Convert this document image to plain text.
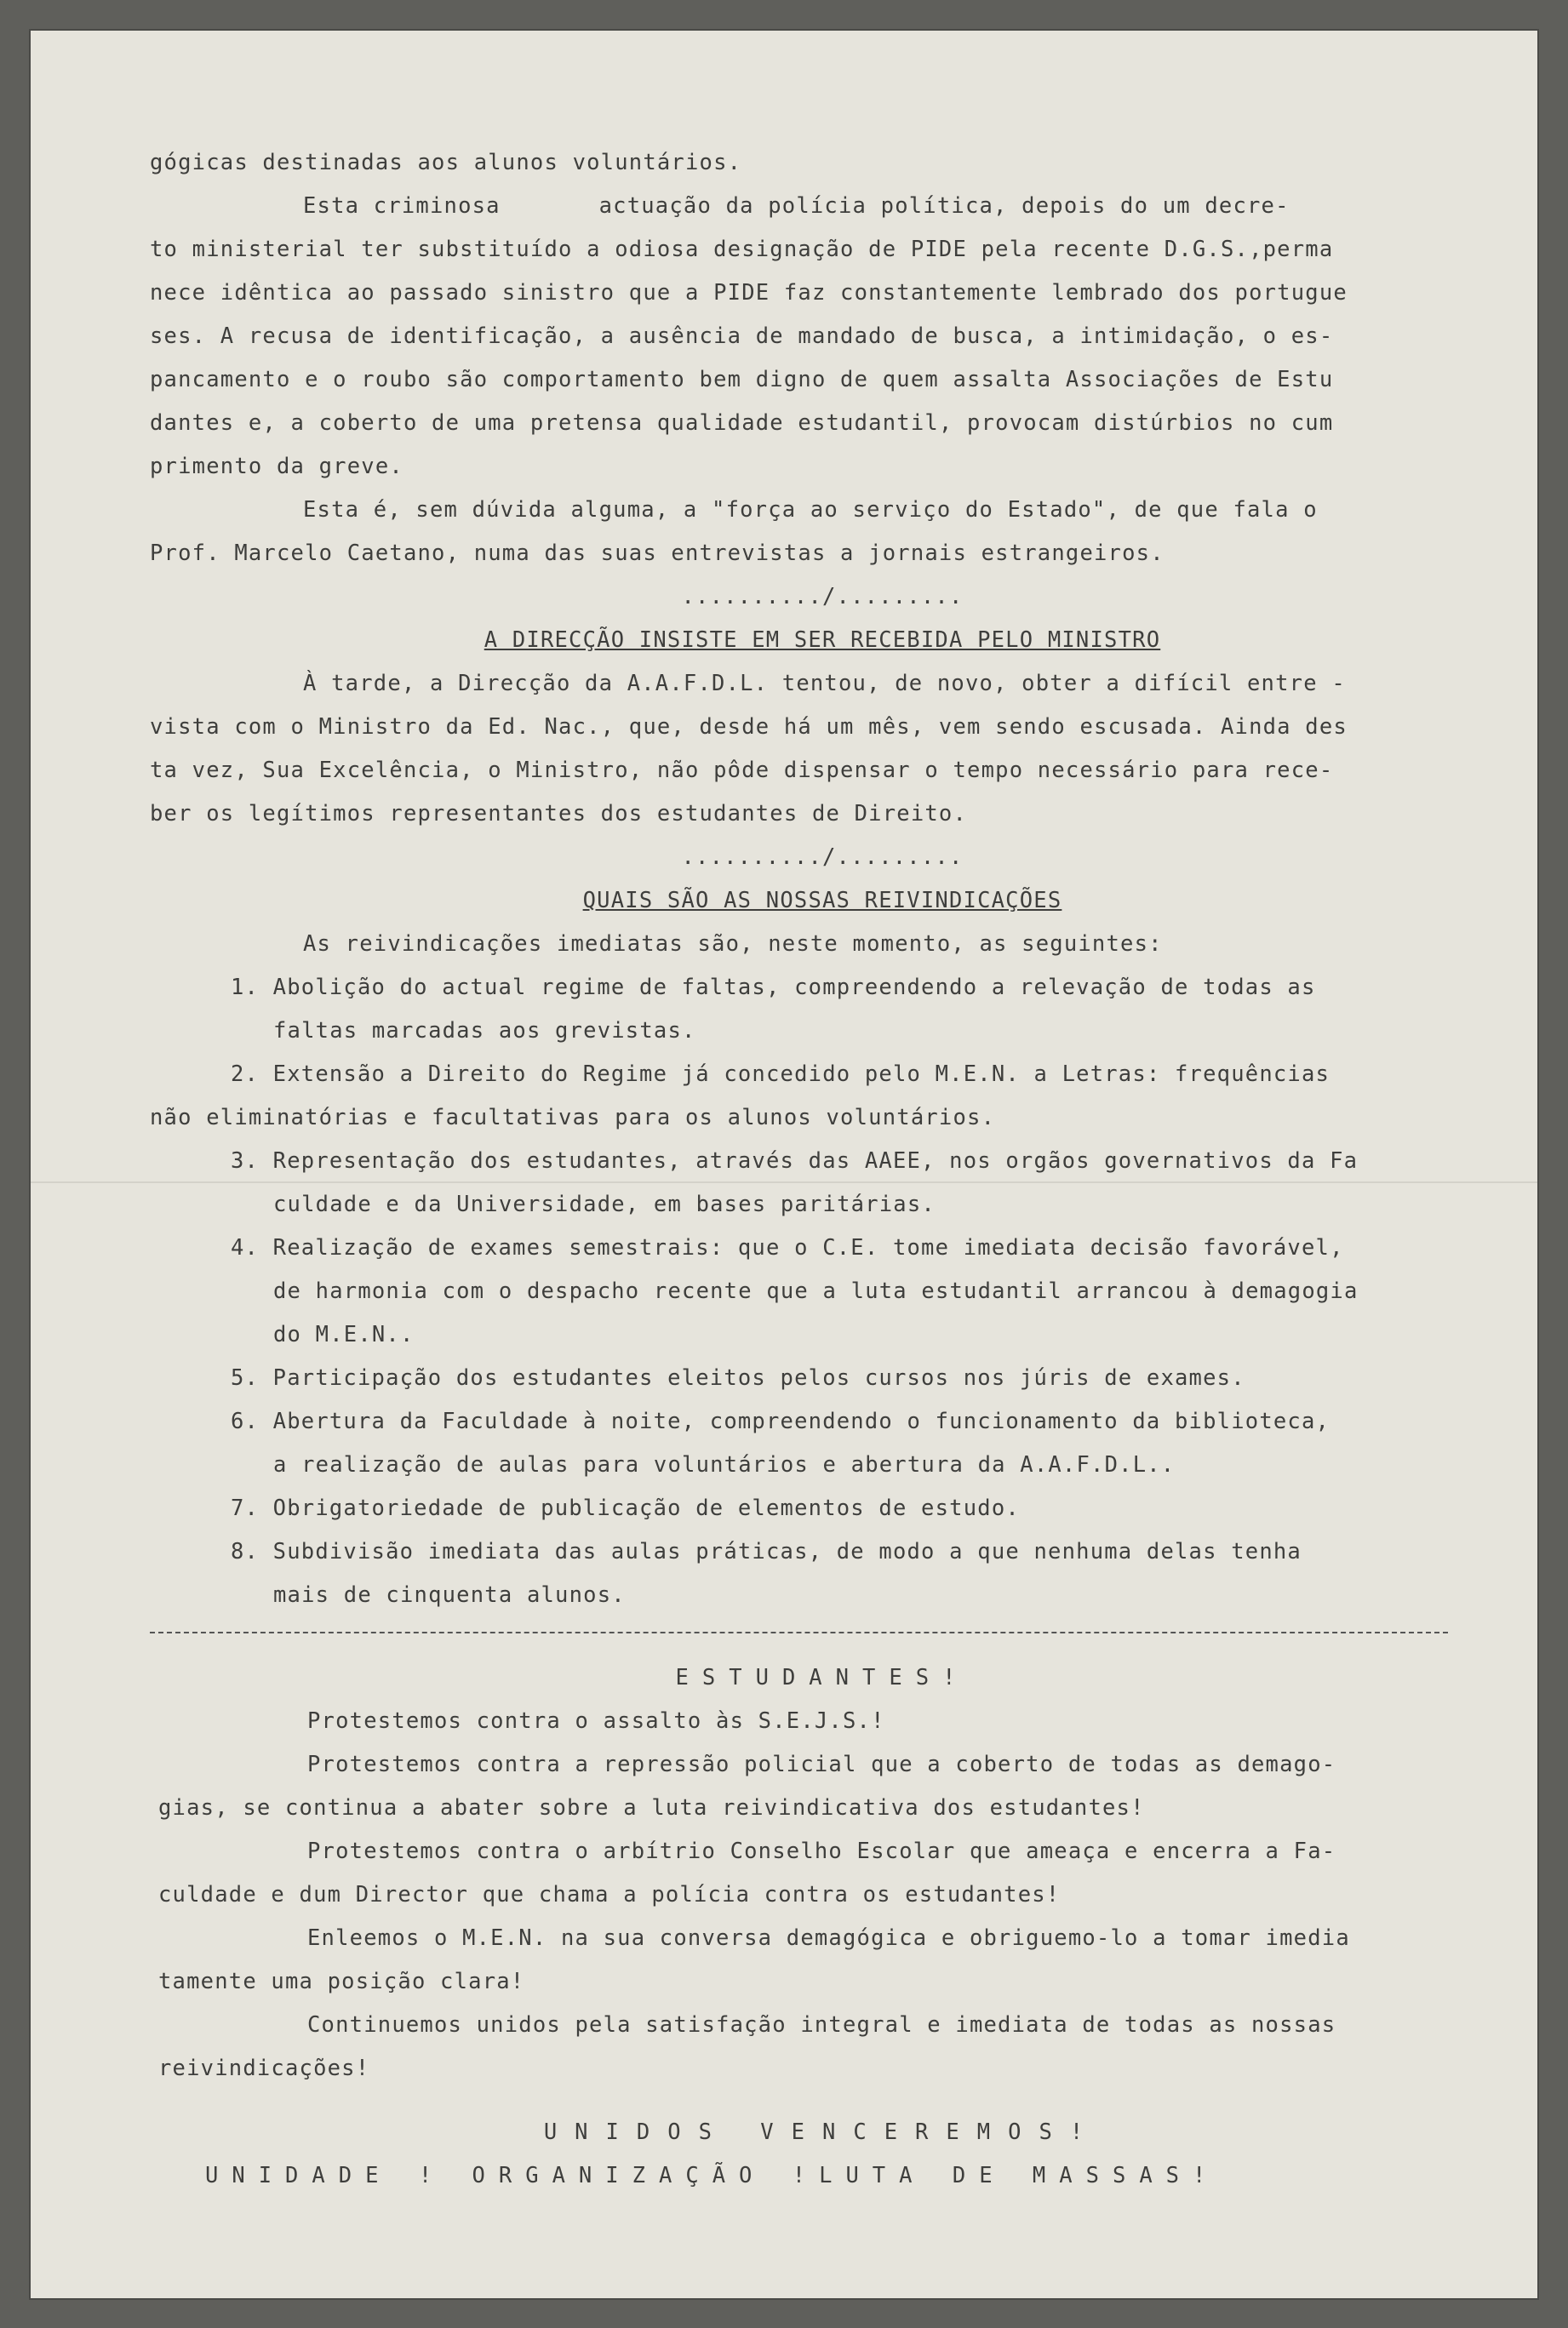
gógicas destinadas aos alunos voluntários.
Esta criminosa       actuação da polícia política, depois do um decre-
to ministerial ter substituído a odiosa designação de PIDE pela recente D.G.S.,perma
nece idêntica ao passado sinistro que a PIDE faz constantemente lembrado dos portugue
ses. A recusa de identificação, a ausência de mandado de busca, a intimidação, o es-
pancamento e o roubo são comportamento bem digno de quem assalta Associações de Estu
dantes e, a coberto de uma pretensa qualidade estudantil, provocam distúrbios no cum
primento da greve.
Esta é, sem dúvida alguma, a "força ao serviço do Estado", de que fala o
Prof. Marcelo Caetano, numa das suas entrevistas a jornais estrangeiros.
........../.........
A DIRECÇÃO INSISTE EM SER RECEBIDA PELO MINISTRO
À tarde, a Direcção da A.A.F.D.L. tentou, de novo, obter a difícil entre -
vista com o Ministro da Ed. Nac., que, desde há um mês, vem sendo escusada. Ainda des
ta vez, Sua Excelência, o Ministro, não pôde dispensar o tempo necessário para rece-
ber os legítimos representantes dos estudantes de Direito.
........../.........
QUAIS SÃO AS NOSSAS REIVINDICAÇÕES
As reivindicações imediatas são, neste momento, as seguintes:
1. Abolição do actual regime de faltas, compreendendo a relevação de todas as
faltas marcadas aos grevistas.
2. Extensão a Direito do Regime já concedido pelo M.E.N. a Letras: frequências
não eliminatórias e facultativas para os alunos voluntários.
3. Representação dos estudantes, através das AAEE, nos orgãos governativos da Fa
culdade e da Universidade, em bases paritárias.
4. Realização de exames semestrais: que o C.E. tome imediata decisão favorável,
de harmonia com o despacho recente que a luta estudantil arrancou à demagogia
do M.E.N..
5. Participação dos estudantes eleitos pelos cursos nos júris de exames.
6. Abertura da Faculdade à noite, compreendendo o funcionamento da biblioteca,
a realização de aulas para voluntários e abertura da A.A.F.D.L..
7. Obrigatoriedade de publicação de elementos de estudo.
8. Subdivisão imediata das aulas práticas, de modo a que nenhuma delas tenha
mais de cinquenta alunos.
ESTUDANTES!
Protestemos contra o assalto às S.E.J.S.!
Protestemos contra a repressão policial que a coberto de todas as demago-
gias, se continua a abater sobre a luta reivindicativa dos estudantes!
Protestemos contra o arbítrio Conselho Escolar que ameaça e encerra a Fa-
culdade e dum Director que chama a polícia contra os estudantes!
Enleemos o M.E.N. na sua conversa demagógica e obriguemo-lo a tomar imedia
tamente uma posição clara!
Continuemos unidos pela satisfação integral e imediata de todas as nossas
reivindicações!
UNIDOS VENCEREMOS!
UNIDADE ! ORGANIZAÇÃO !LUTA DE MASSAS!
